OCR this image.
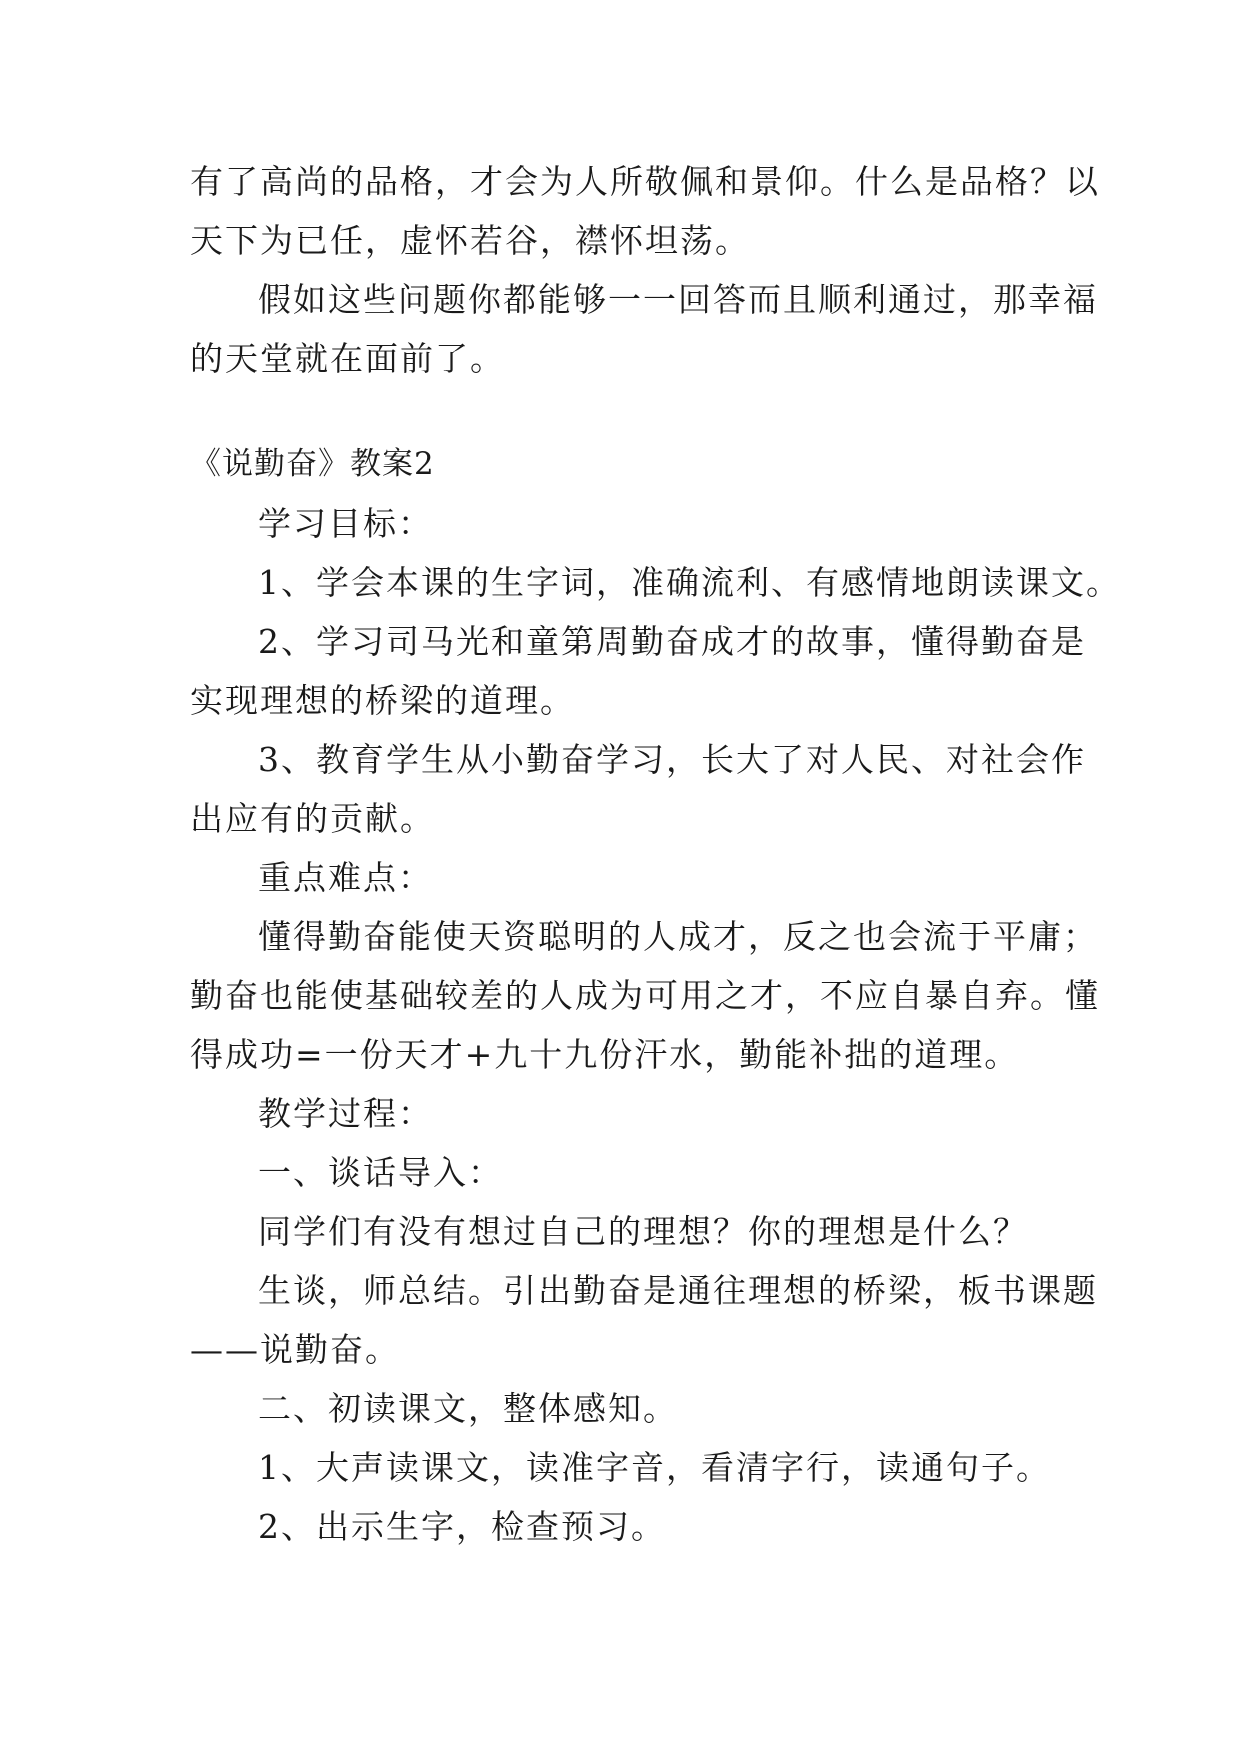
有了高尚的品格，才会为人所敬佩和景仰。什么是品格？以
天下为已任，虚怀若谷，襟怀坦荡。
假如这些问题你都能够一一回答而且顺利通过，那幸福
的天堂就在面前了。
《说勤奋》教案2
学习目标：
1、学会本课的生字词，准确流利、有感情地朗读课文。
2、学习司马光和童第周勤奋成才的故事，懂得勤奋是
实现理想的桥梁的道理。
3、教育学生从小勤奋学习，长大了对人民、对社会作
出应有的贡献。
重点难点：
懂得勤奋能使天资聪明的人成才，反之也会流于平庸；
勤奋也能使基础较差的人成为可用之才，不应自暴自弃。懂
得成功=一份天才+九十九份汗水，勤能补拙的道理。
教学过程：
一、谈话导入：
同学们有没有想过自己的理想？你的理想是什么？
生谈，师总结。引出勤奋是通往理想的桥梁，板书课题
——说勤奋。
二、初读课文，整体感知。
1、大声读课文，读准字音，看清字行，读通句子。
2、出示生字，检查预习。
